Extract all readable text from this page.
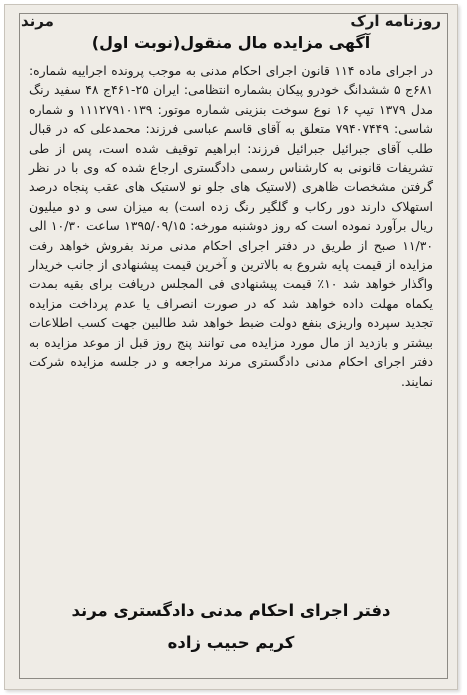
مرند	روزنامه ارک
آگهی مزایده مال منقول(نوبت اول)
در اجرای ماده ۱۱۴ قانون اجرای احکام مدنی به موجب پرونده اجراییه شماره: ۶۸۱ج ۵ ششدانگ خودرو پیکان بشماره انتظامی: ایران ۲۵-۴۶۱ج ۴۸ سفید رنگ مدل ۱۳۷۹ تیپ ۱۶ نوع سوخت بنزینی شماره موتور: ۱۱۱۲۷۹۱۰۱۳۹ و شماره شاسی: ۷۹۴۰۷۴۴۹ متعلق به آقای قاسم عباسی فرزند: محمدعلی که در قبال طلب آقای جبرائیل جبرائیل فرزند: ابراهیم توقیف شده است، پس از طی تشریفات قانونی به کارشناس رسمی دادگستری ارجاع شده که وی با در نظر گرفتن مشخصات ظاهری (لاستیک های جلو نو لاستیک های عقب پنجاه درصد استهلاک دارند دور رکاب و گلگیر رنگ زده است) به میزان سی و دو میلیون ریال برآورد نموده است که روز دوشنبه مورخه: ۱۳۹۵/۰۹/۱۵ ساعت ۱۰/۳۰ الی ۱۱/۳۰ صبح از طریق در دفتر اجرای احکام مدنی مرند بفروش خواهد رفت مزایده از قیمت پایه شروع به بالاترین و آخرین قیمت پیشنهادی از جانب خریدار واگذار خواهد شد ۱۰٪ قیمت پیشنهادی فی المجلس دریافت برای بقیه بمدت یکماه مهلت داده خواهد شد که در صورت انصراف یا عدم پرداخت مزایده تجدید سپرده واریزی بنفع دولت ضبط خواهد شد طالبین جهت کسب اطلاعات بیشتر و بازدید از مال مورد مزایده می توانند پنج روز قبل از موعد مزایده به دفتر اجرای احکام مدنی دادگستری مرند مراجعه و در جلسه مزایده شرکت نمایند.
دفتر اجرای احکام مدنی دادگستری مرند
کریم حبیب زاده
